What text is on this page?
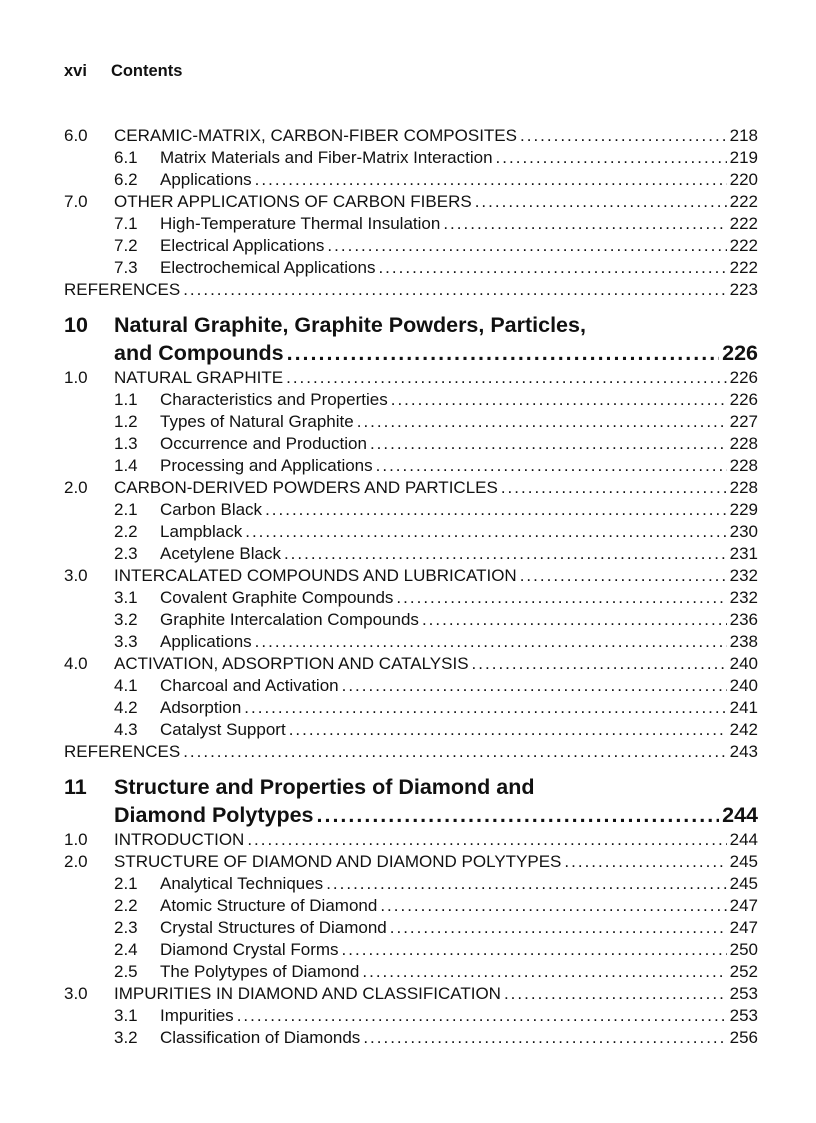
xvi Contents
6.0	CERAMIC-MATRIX, CARBON-FIBER COMPOSITES .....	218
6.1	Matrix Materials and Fiber-Matrix Interaction .....	219
6.2	Applications .....	220
7.0	OTHER APPLICATIONS OF CARBON FIBERS .....	222
7.1	High-Temperature Thermal Insulation .....	222
7.2	Electrical Applications .....	222
7.3	Electrochemical Applications .....	222
REFERENCES .....	223
10	Natural Graphite, Graphite Powders, Particles,
and Compounds .....	226
1.0	NATURAL GRAPHITE .....	226
1.1	Characteristics and Properties .....	226
1.2	Types of Natural Graphite .....	227
1.3	Occurrence and Production .....	228
1.4	Processing and Applications .....	228
2.0	CARBON-DERIVED POWDERS AND PARTICLES .....	228
2.1	Carbon Black .....	229
2.2	Lampblack .....	230
2.3	Acetylene Black .....	231
3.0	INTERCALATED COMPOUNDS AND LUBRICATION .....	232
3.1	Covalent Graphite Compounds .....	232
3.2	Graphite Intercalation Compounds .....	236
3.3	Applications .....	238
4.0	ACTIVATION, ADSORPTION AND CATALYSIS .....	240
4.1	Charcoal and Activation .....	240
4.2	Adsorption .....	241
4.3	Catalyst Support .....	242
REFERENCES .....	243
11	Structure and Properties of Diamond and
Diamond Polytypes .....	244
1.0	INTRODUCTION .....	244
2.0	STRUCTURE OF DIAMOND AND DIAMOND POLYTYPES .....	245
2.1	Analytical Techniques .....	245
2.2	Atomic Structure of Diamond .....	247
2.3	Crystal Structures of Diamond .....	247
2.4	Diamond Crystal Forms .....	250
2.5	The Polytypes of Diamond .....	252
3.0	IMPURITIES IN DIAMOND AND CLASSIFICATION .....	253
3.1	Impurities .....	253
3.2	Classification of Diamonds .....	256
